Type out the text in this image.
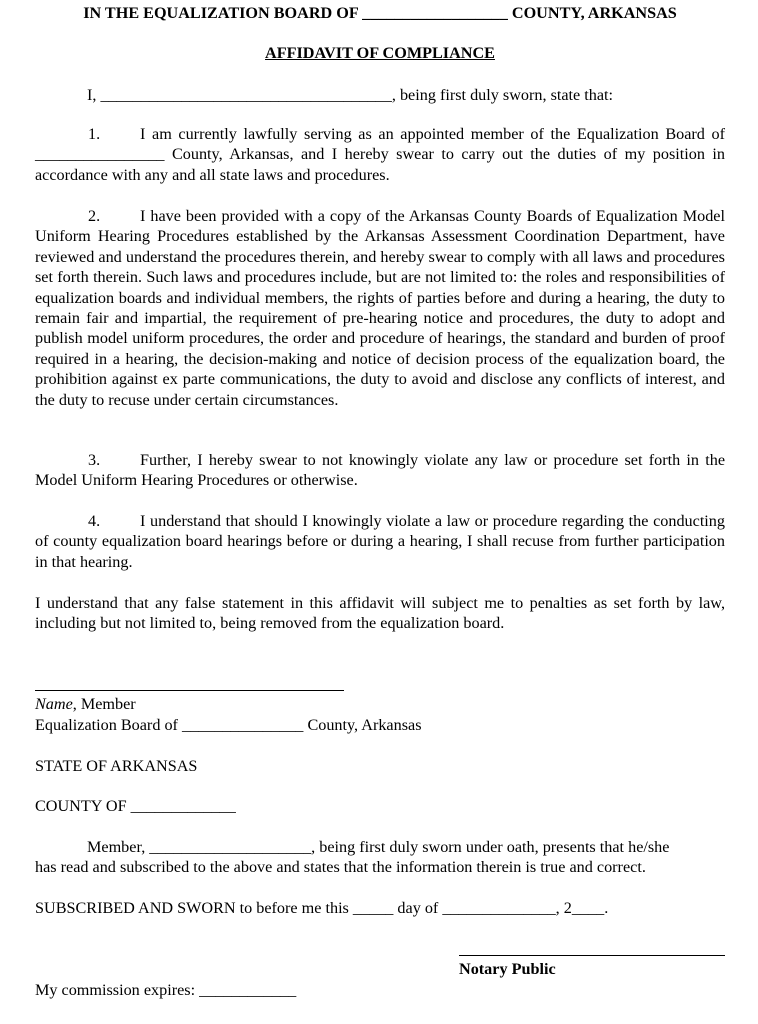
IN THE EQUALIZATION BOARD OF __________________ COUNTY, ARKANSAS
AFFIDAVIT OF COMPLIANCE
I, ____________________________________, being first duly sworn, state that:
1. I am currently lawfully serving as an appointed member of the Equalization Board of ________________ County, Arkansas, and I hereby swear to carry out the duties of my position in accordance with any and all state laws and procedures.
2. I have been provided with a copy of the Arkansas County Boards of Equalization Model Uniform Hearing Procedures established by the Arkansas Assessment Coordination Department, have reviewed and understand the procedures therein, and hereby swear to comply with all laws and procedures set forth therein. Such laws and procedures include, but are not limited to: the roles and responsibilities of equalization boards and individual members, the rights of parties before and during a hearing, the duty to remain fair and impartial, the requirement of pre-hearing notice and procedures, the duty to adopt and publish model uniform procedures, the order and procedure of hearings, the standard and burden of proof required in a hearing, the decision-making and notice of decision process of the equalization board, the prohibition against ex parte communications, the duty to avoid and disclose any conflicts of interest, and the duty to recuse under certain circumstances.
3. Further, I hereby swear to not knowingly violate any law or procedure set forth in the Model Uniform Hearing Procedures or otherwise.
4. I understand that should I knowingly violate a law or procedure regarding the conducting of county equalization board hearings before or during a hearing, I shall recuse from further participation in that hearing.
I understand that any false statement in this affidavit will subject me to penalties as set forth by law, including but not limited to, being removed from the equalization board.
Name, Member
Equalization Board of _______________ County, Arkansas
STATE OF ARKANSAS
COUNTY OF _____________
Member, ____________________, being first duly sworn under oath, presents that he/she
has read and subscribed to the above and states that the information therein is true and correct.
SUBSCRIBED AND SWORN to before me this _____ day of ______________, 2____.
Notary Public
My commission expires: ____________
